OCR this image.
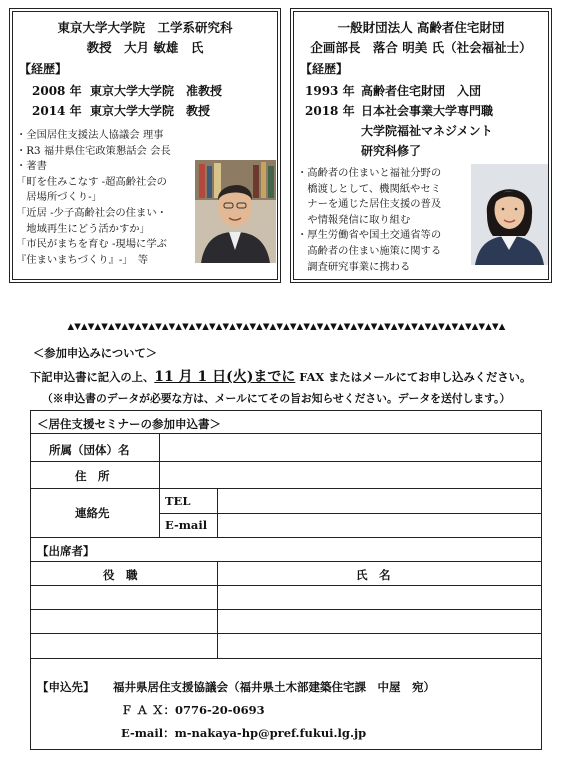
東京大学大学院　工学系研究科
教授　大月 敏雄　氏
【経歴】
2008 年 東京大学大学院　准教授
2014 年 東京大学大学院　教授
・全国居住支援法人協議会 理事
・R3 福井県住宅政策懇話会 会長
・著書
「町を住みこなす -超高齢社会の
　居場所づくり-」
「近居 -少子高齢社会の住まい・
　地域再生にどう活かすか」
「市民がまちを育む -現場に学ぶ
『住まいまちづくり』-」　等
一般財団法人 高齢者住宅財団
企画部長　落合 明美 氏（社会福祉士）
【経歴】
1993 年 高齢者住宅財団　入団
2018 年 日本社会事業大学専門職
大学院福祉マネジメント
研究科修了
・高齢者の住まいと福祉分野の
　橋渡しとして、機関紙やセミ
　ナーを通じた居住支援の普及
　や情報発信に取り組む
・厚生労働省や国土交通省等の
　高齢者の住まい施策に関する
　調査研究事業に携わる
▲▼▲▼▲▼▲▼▲▼▲▼▲▼▲▼▲▼▲▼▲▼▲▼▲▼▲▼▲▼▲▼▲▼▲▼▲▼▲▼▲▼▲▼▲▼▲▼▲▼▲▼▲▼▲▼▲▼▲▼▲▼▲▼▲
＜参加申込みについて＞
下記申込書に記入の上、11 月 1 日(火)までに FAX またはメールにてお申し込みください。
（※申込書のデータが必要な方は、メールにてその旨お知らせください。データを送付します。）
＜居住支援セミナーの参加申込書＞
所属（団体）名
住　所
連絡先
TEL
E-mail
【出席者】
役　職	氏　名
【申込先】 福井県居住支援協議会（福井県土木部建築住宅課　中屋　宛）
Ｆ Ａ Ｘ：0776-20-0693
E-mail：m-nakaya-hp@pref.fukui.lg.jp
